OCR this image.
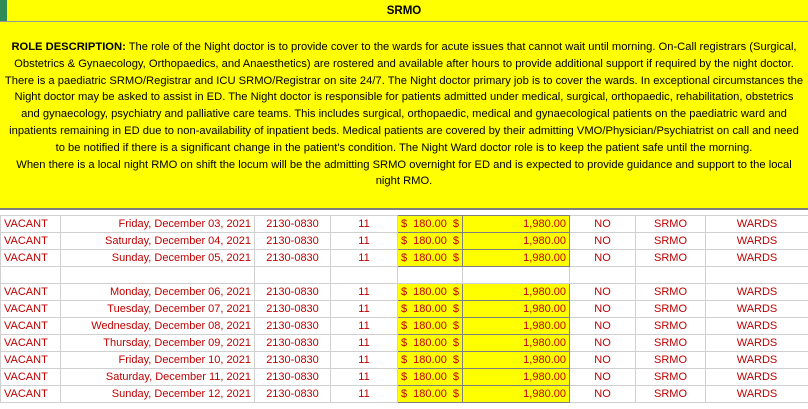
SRMO
ROLE DESCRIPTION: The role of the Night doctor is to provide cover to the wards for acute issues that cannot wait until morning. On-Call registrars (Surgical, Obstetrics & Gynaecology, Orthopaedics, and Anaesthetics) are rostered and available after hours to provide additional support if required by the night doctor. There is a paediatric SRMO/Registrar and ICU SRMO/Registrar on site 24/7. The Night doctor primary job is to cover the wards. In exceptional circumstances the Night doctor may be asked to assist in ED. The Night doctor is responsible for patients admitted under medical, surgical, orthopaedic, rehabilitation, obstetrics and gynaecology, psychiatry and palliative care teams. This includes surgical, orthopaedic, medical and gynaecological patients on the paediatric ward and inpatients remaining in ED due to non-availability of inpatient beds. Medical patients are covered by their admitting VMO/Physician/Psychiatrist on call and need to be notified if there is a significant change in the patient's condition. The Night Ward doctor role is to keep the patient safe until the morning.
When there is a local night RMO on shift the locum will be the admitting SRMO overnight for ED and is expected to provide guidance and support to the local night RMO.
VACANT	Friday, December 03, 2021	2130-0830	11	$ 180.00 $	1,980.00	NO	SRMO	WARDS
VACANT	Saturday, December 04, 2021	2130-0830	11	$ 180.00 $	1,980.00	NO	SRMO	WARDS
VACANT	Sunday, December 05, 2021	2130-0830	11	$ 180.00 $	1,980.00	NO	SRMO	WARDS

VACANT	Monday, December 06, 2021	2130-0830	11	$ 180.00 $	1,980.00	NO	SRMO	WARDS
VACANT	Tuesday, December 07, 2021	2130-0830	11	$ 180.00 $	1,980.00	NO	SRMO	WARDS
VACANT	Wednesday, December 08, 2021	2130-0830	11	$ 180.00 $	1,980.00	NO	SRMO	WARDS
VACANT	Thursday, December 09, 2021	2130-0830	11	$ 180.00 $	1,980.00	NO	SRMO	WARDS
VACANT	Friday, December 10, 2021	2130-0830	11	$ 180.00 $	1,980.00	NO	SRMO	WARDS
VACANT	Saturday, December 11, 2021	2130-0830	11	$ 180.00 $	1,980.00	NO	SRMO	WARDS
VACANT	Sunday, December 12, 2021	2130-0830	11	$ 180.00 $	1,980.00	NO	SRMO	WARDS
